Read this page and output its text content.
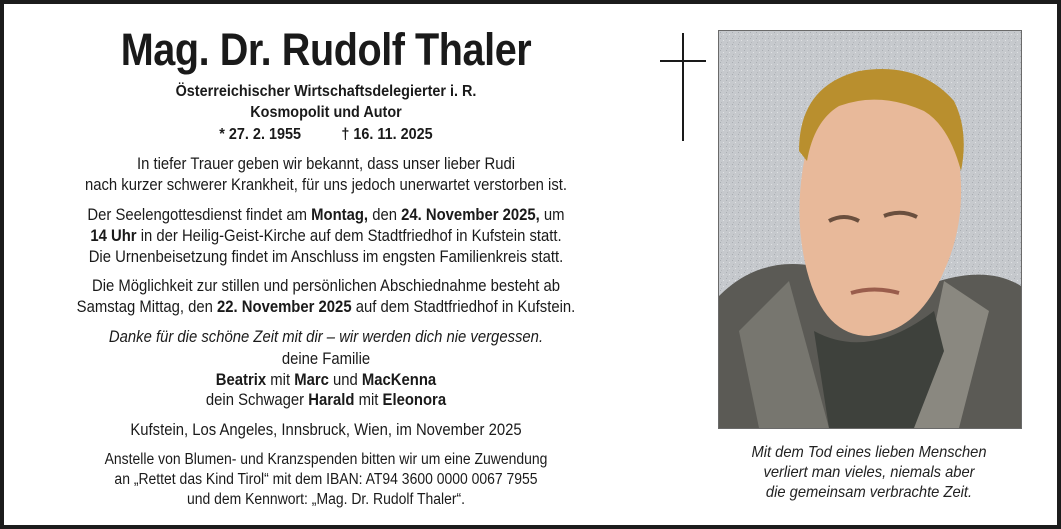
Mag. Dr. Rudolf Thaler
Österreichischer Wirtschaftsdelegierter i. R.
Kosmopolit und Autor
* 27. 2. 1955	† 16. 11. 2025
In tiefer Trauer geben wir bekannt, dass unser lieber Rudi
nach kurzer schwerer Krankheit, für uns jedoch unerwartet verstorben ist.
Der Seelengottesdienst findet am Montag, den 24. November 2025, um
14 Uhr in der Heilig-Geist-Kirche auf dem Stadtfriedhof in Kufstein statt.
Die Urnenbeisetzung findet im Anschluss im engsten Familienkreis statt.
Die Möglichkeit zur stillen und persönlichen Abschiednahme besteht ab
Samstag Mittag, den 22. November 2025 auf dem Stadtfriedhof in Kufstein.
Danke für die schöne Zeit mit dir – wir werden dich nie vergessen.
deine Familie
Beatrix mit Marc und MacKenna
dein Schwager Harald mit Eleonora
Kufstein, Los Angeles, Innsbruck, Wien, im November 2025
Anstelle von Blumen- und Kranzspenden bitten wir um eine Zuwendung
an „Rettet das Kind Tirol“ mit dem IBAN: AT94 3600 0000 0067 7955
und dem Kennwort: „Mag. Dr. Rudolf Thaler“.
Mit dem Tod eines lieben Menschen
verliert man vieles, niemals aber
die gemeinsam verbrachte Zeit.
